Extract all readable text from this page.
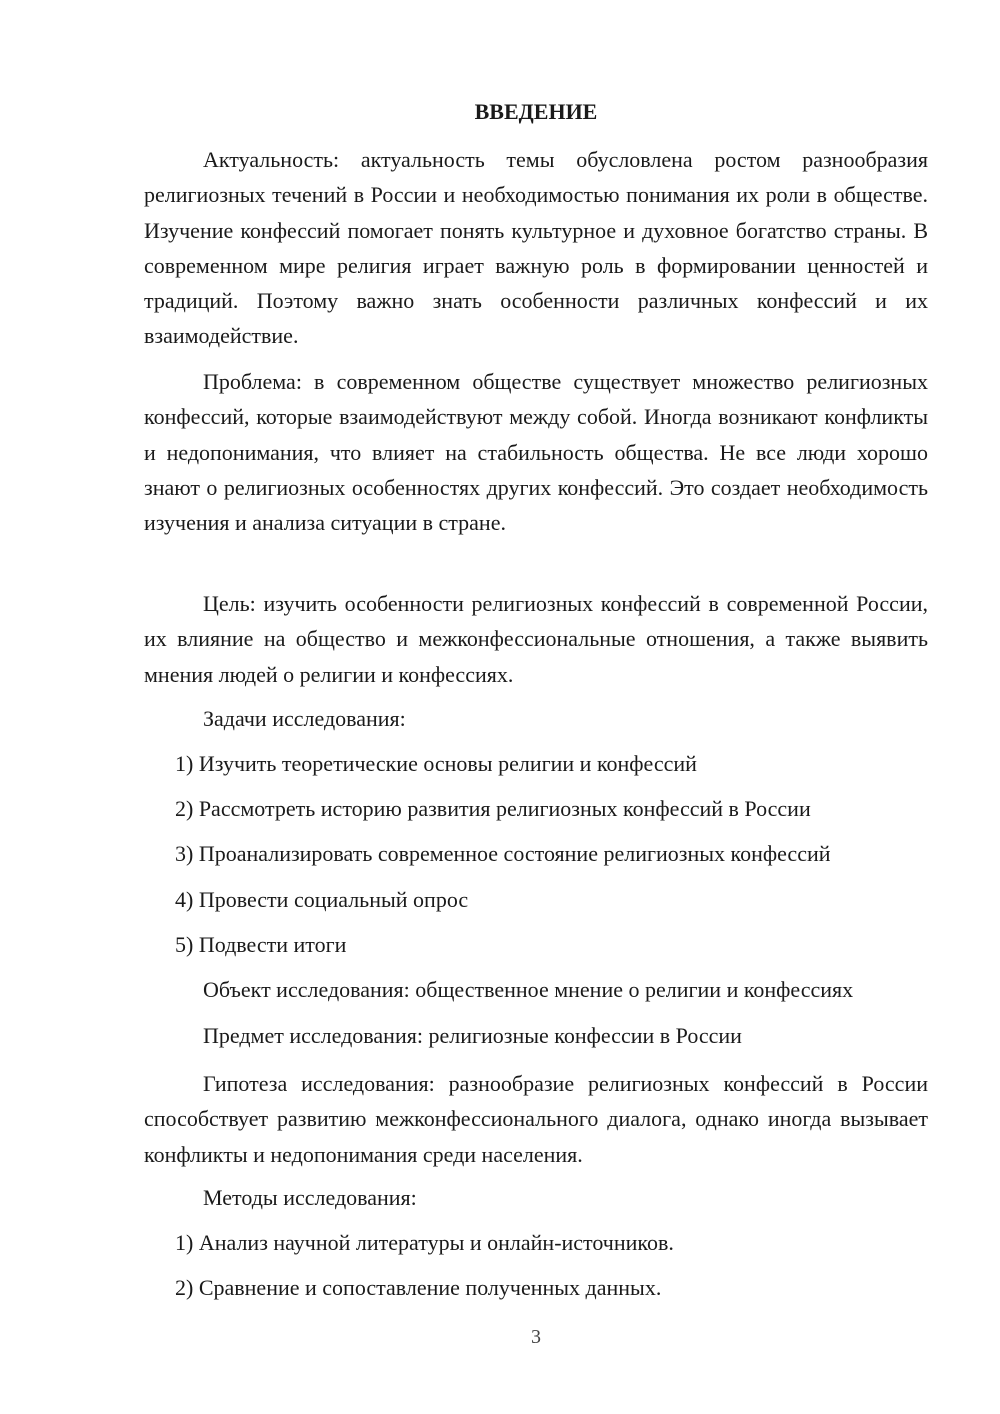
ВВЕДЕНИЕ

Актуальность: актуальность темы обусловлена ростом разнообразия религиозных течений в России и необходимостью понимания их роли в обществе. Изучение конфессий помогает понять культурное и духовное богатство страны. В современном мире религия играет важную роль в формировании ценностей и традиций. Поэтому важно знать особенности различных конфессий и их взаимодействие.

Проблема: в современном обществе существует множество религиозных конфессий, которые взаимодействуют между собой. Иногда возникают конфликты и недопонимания, что влияет на стабильность общества. Не все люди хорошо знают о религиозных особенностях других конфессий. Это создает необходимость изучения и анализа ситуации в стране.

Цель: изучить особенности религиозных конфессий в современной России, их влияние на общество и межконфессиональные отношения, а также выявить мнения людей о религии и конфессиях.

Задачи исследования:

1) Изучить теоретические основы религии и конфессий

2) Рассмотреть историю развития религиозных конфессий в России

3) Проанализировать современное состояние религиозных конфессий

4) Провести социальный опрос

5) Подвести итоги

Объект исследования: общественное мнение о религии и конфессиях

Предмет исследования: религиозные конфессии в России

Гипотеза исследования: разнообразие религиозных конфессий в России способствует развитию межконфессионального диалога, однако иногда вызывает конфликты и недопонимания среди населения.

Методы исследования:

1) Анализ научной литературы и онлайн-источников.

2) Сравнение и сопоставление полученных данных.

3
